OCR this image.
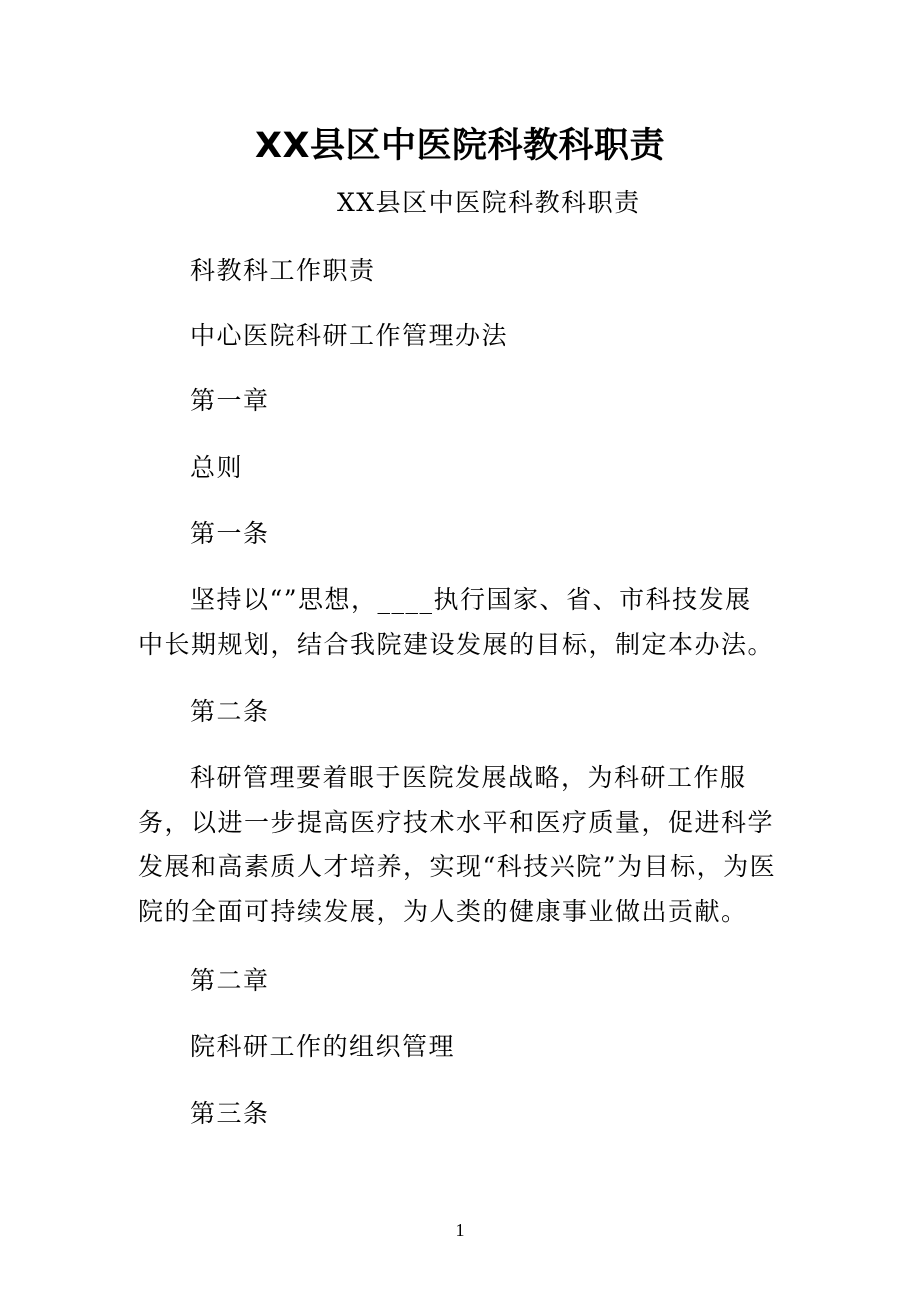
XX县区中医院科教科职责

XX县区中医院科教科职责

科教科工作职责

中心医院科研工作管理办法

第一章

总则

第一条

坚持以“”思想，____执行国家、省、市科技发展中长期规划，结合我院建设发展的目标，制定本办法。

第二条

科研管理要着眼于医院发展战略，为科研工作服务，以进一步提高医疗技术水平和医疗质量，促进科学发展和高素质人才培养，实现“科技兴院”为目标，为医院的全面可持续发展，为人类的健康事业做出贡献。

第二章

院科研工作的组织管理

第三条

1
